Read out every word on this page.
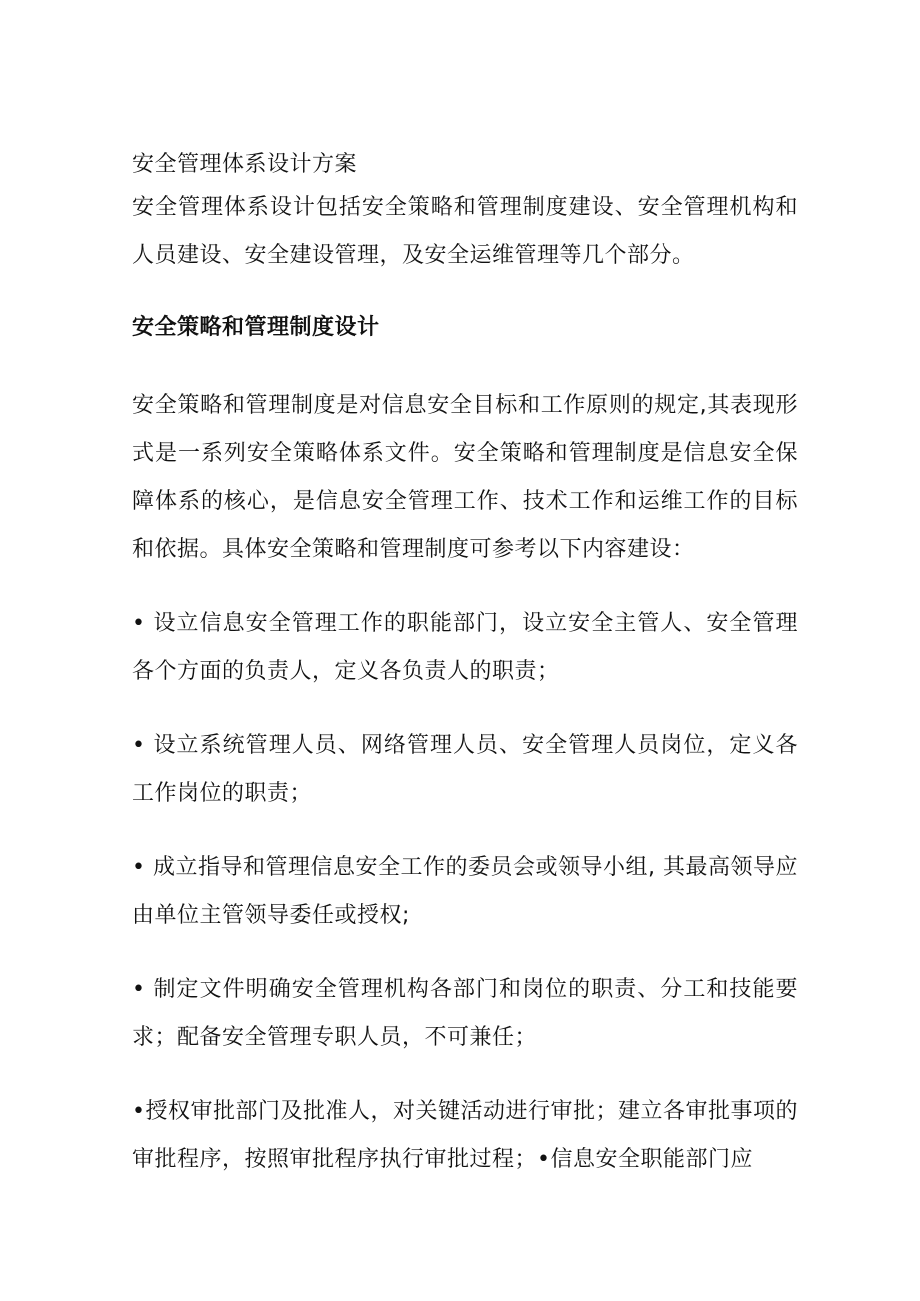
安全管理体系设计方案

安全管理体系设计包括安全策略和管理制度建设、安全管理机构和人员建设、安全建设管理，及安全运维管理等几个部分。

安全策略和管理制度设计

安全策略和管理制度是对信息安全目标和工作原则的规定,其表现形式是一系列安全策略体系文件。安全策略和管理制度是信息安全保障体系的核心，是信息安全管理工作、技术工作和运维工作的目标和依据。具体安全策略和管理制度可参考以下内容建设：

• 设立信息安全管理工作的职能部门，设立安全主管人、安全管理各个方面的负责人，定义各负责人的职责；

• 设立系统管理人员、网络管理人员、安全管理人员岗位，定义各工作岗位的职责；

• 成立指导和管理信息安全工作的委员会或领导小组, 其最高领导应由单位主管领导委任或授权;

• 制定文件明确安全管理机构各部门和岗位的职责、分工和技能要求；配备安全管理专职人员，不可兼任；

•授权审批部门及批准人，对关键活动进行审批；建立各审批事项的审批程序，按照审批程序执行审批过程；•信息安全职能部门应
